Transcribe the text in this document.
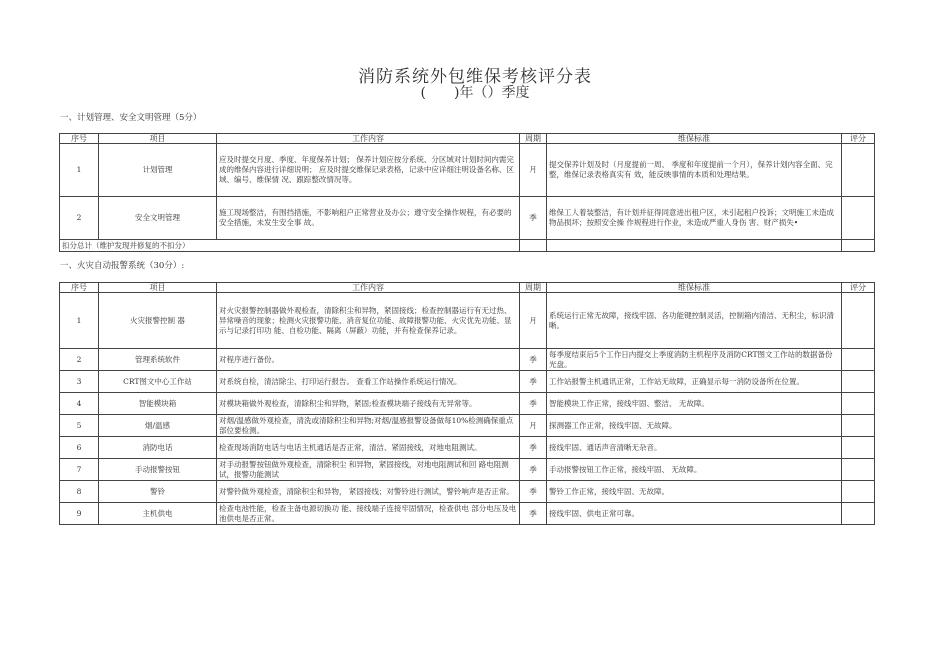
消防系统外包维保考核评分表
(　　)年（）季度
一、计划管理、安全文明管理（5分）
序号	项目	工作内容	周期	维保标准	评分
1	计划管理	应及时提交月度、季度、年度保养计划； 保养计划应按分系统、分区域对计划时间内需完成的维保内容进行详细说明； 应及时提交维保记录表格，记录中应详细注明设备名称、区域、编号、维保情 况、跟踪整改情况等。	月	提交保养计划及时（月度提前一周、 季度和年度提前一个月），保养计划内容全面、完整，维保记录表格真实有 效，能反映事情的本质和处理结果。	
2	安全文明管理	施工现场整洁，有围挡措施，不影响租户正常营业及办公；遵守安全操作规程，有必要的安全措施，未发生安全事 故。	季	维保工人着装整洁，有计划并征得同意进出租户区，未引起租户投诉；文明施工未造成物品损坏；按照安全操 作规程进行作业，未造成严重人身伤 害、财产损失•	
扣分总计（维护发现并修复的不扣分）					
一、火灾自动报警系统（30分）:
序号	项目	工作内容	周期	维保标准	评分
1	火灾报警控制 器	对火灾报警控制器做外观检查，清除积尘和异物，紧固接线；检查控制器运行有无过热、异常噪音的现象；检测火灾报警功能、消音复位功能、故障报警功能、火灾优先功能、显示与记录打印功 能、自检功能、隔离（屏蔽）功能，并有检查保养记录。	月	系统运行正常无故障，接线牢固、各功能键控制灵活，控制箱内清洁、无积尘，标识清晰。	
2	管理系统软件	对程序进行备份。	季	每季度结束后5个工作日内提交上季度消防主机程序及消防CRT图文工作站的数据备份光盘。	
3	CRT图文中心工作站	对系统自检，清洁除尘、打印运行报告。 查看工作站操作系统运行情况。	季	工作站报警主机通讯正常，工作站无故障，正确显示每一消防设备所在位置。	
4	智能模块箱	对模块箱做外观检查，清除积尘和异物，紧固;检查模块端子接线有无异常等。	季	智能模块工作正常，接线牢固、整洁、 无故障。	
5	烟/温感	对烟/温感做外观检查，清洗或清除积尘和异物;对烟/温感报警设备做每10%检测确保重点部位要检测。	月	探测器工作正常，接线牢固、无故障。	
6	消防电话	检查现场消防电话与电话主机通话是否正常，清洁、紧固接线，对地电阻测试。	季	接线牢固、通话声音清晰无杂音。	
7	手动报警按钮	对手动报警按钮做外观检查，清除积尘 和异物，紧固接线，对地电阻测试和回 路电阻测试，报警功能测试	季	手动报警按钮工作正常，接线牢固、 无故障。	
8	警铃	对警铃做外观检查，清除积尘和异物， 紧固接线；对警铃进行测试，警铃响声是否正常。	季	警铃工作正常，接线牢固、无故障。	
9	主机供电	检查电池性能，检查主备电源切换功 能、接线端子连接牢固情况，检查供电 部分电压及电池供电是否正常。	季	接线牢固、供电正常可靠。	
